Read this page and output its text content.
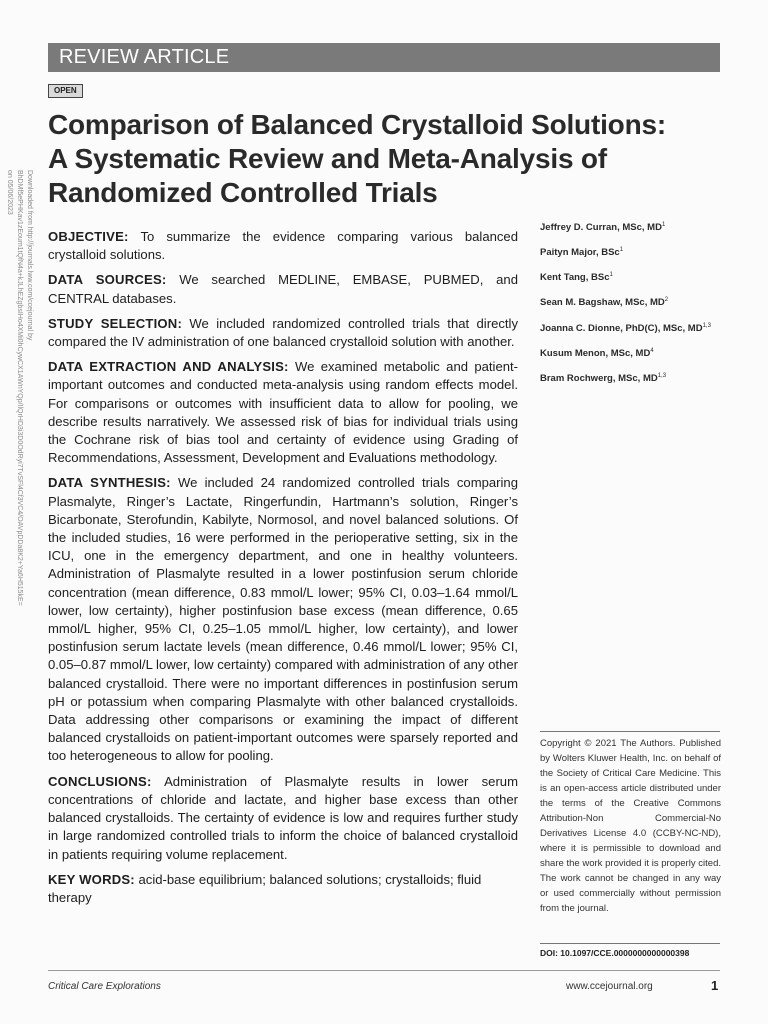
REVIEW ARTICLE
OPEN
Comparison of Balanced Crystalloid Solutions:
A Systematic Review and Meta-Analysis of
Randomized Controlled Trials
Downloaded from http://journals.lww.com/ccejournal by BhDMf5ePHKav1zEoum1tQfN4a+kJLhEZgbsIHo4XMi0hCywCX1AWnYQp/IlQrHD3i3D0OdRyi7TvSFl4Cf3VC4/OAVpDDa8K2+Ya6H515kE= on 05/06/2023

OBJECTIVE: To summarize the evidence comparing various balanced crystalloid solutions.

DATA SOURCES: We searched MEDLINE, EMBASE, PUBMED, and CENTRAL databases.

STUDY SELECTION: We included randomized controlled trials that directly compared the IV administration of one balanced crystalloid solution with another.

DATA EXTRACTION AND ANALYSIS: We examined metabolic and patient-important outcomes and conducted meta-analysis using random effects model. For comparisons or outcomes with insufficient data to allow for pooling, we describe results narratively. We assessed risk of bias for individual trials using the Cochrane risk of bias tool and certainty of evidence using Grading of Recommendations, Assessment, Development and Evaluations methodology.

DATA SYNTHESIS: We included 24 randomized controlled trials comparing Plasmalyte, Ringer’s Lactate, Ringerfundin, Hartmann’s solution, Ringer’s Bicarbonate, Sterofundin, Kabilyte, Normosol, and novel balanced solutions. Of the included studies, 16 were performed in the perioperative setting, six in the ICU, one in the emergency department, and one in healthy volunteers. Administration of Plasmalyte resulted in a lower postinfusion serum chloride concentration (mean difference, 0.83 mmol/L lower; 95% CI, 0.03–1.64 mmol/L lower, low certainty), higher postinfusion base excess (mean difference, 0.65 mmol/L higher, 95% CI, 0.25–1.05 mmol/L higher, low certainty), and lower postinfusion serum lactate levels (mean difference, 0.46 mmol/L lower; 95% CI, 0.05–0.87 mmol/L lower, low certainty) compared with administration of any other balanced crystalloid. There were no important differences in postinfusion serum pH or potassium when comparing Plasmalyte with other balanced crystalloids. Data addressing other comparisons or examining the impact of different balanced crystalloids on patient-important outcomes were sparsely reported and too heterogeneous to allow for pooling.

CONCLUSIONS: Administration of Plasmalyte results in lower serum concentrations of chloride and lactate, and higher base excess than other balanced crystalloids. The certainty of evidence is low and requires further study in large randomized controlled trials to inform the choice of balanced crystalloid in patients requiring volume replacement.

KEY WORDS: acid-base equilibrium; balanced solutions; crystalloids; fluid therapy

Jeffrey D. Curran, MSc, $MD^1$
Paityn Major, BSc$^1$
Kent Tang, BSc$^1$
Sean M. Bagshaw, MSc, $MD^2$
Joanna C. Dionne, PhD(C), MSc, MD$^{1,3}$
Kusum Menon, MSc, $MD^4$
Bram Rochwerg, MSc, MD$^{1,3}$
Copyright © 2021 The Authors. Published by Wolters Kluwer Health, Inc. on behalf of the Society of Critical Care Medicine. This is an open-access article distributed under the terms of the Creative Commons Attribution-Non Commercial-No Derivatives License 4.0 (CCBY-NC-ND), where it is permissible to download and share the work provided it is properly cited. The work cannot be changed in any way or used commercially without permission from the journal.
DOI: 10.1097/CCE.0000000000000398
Critical Care Explorations	www.ccejournal.org	1
